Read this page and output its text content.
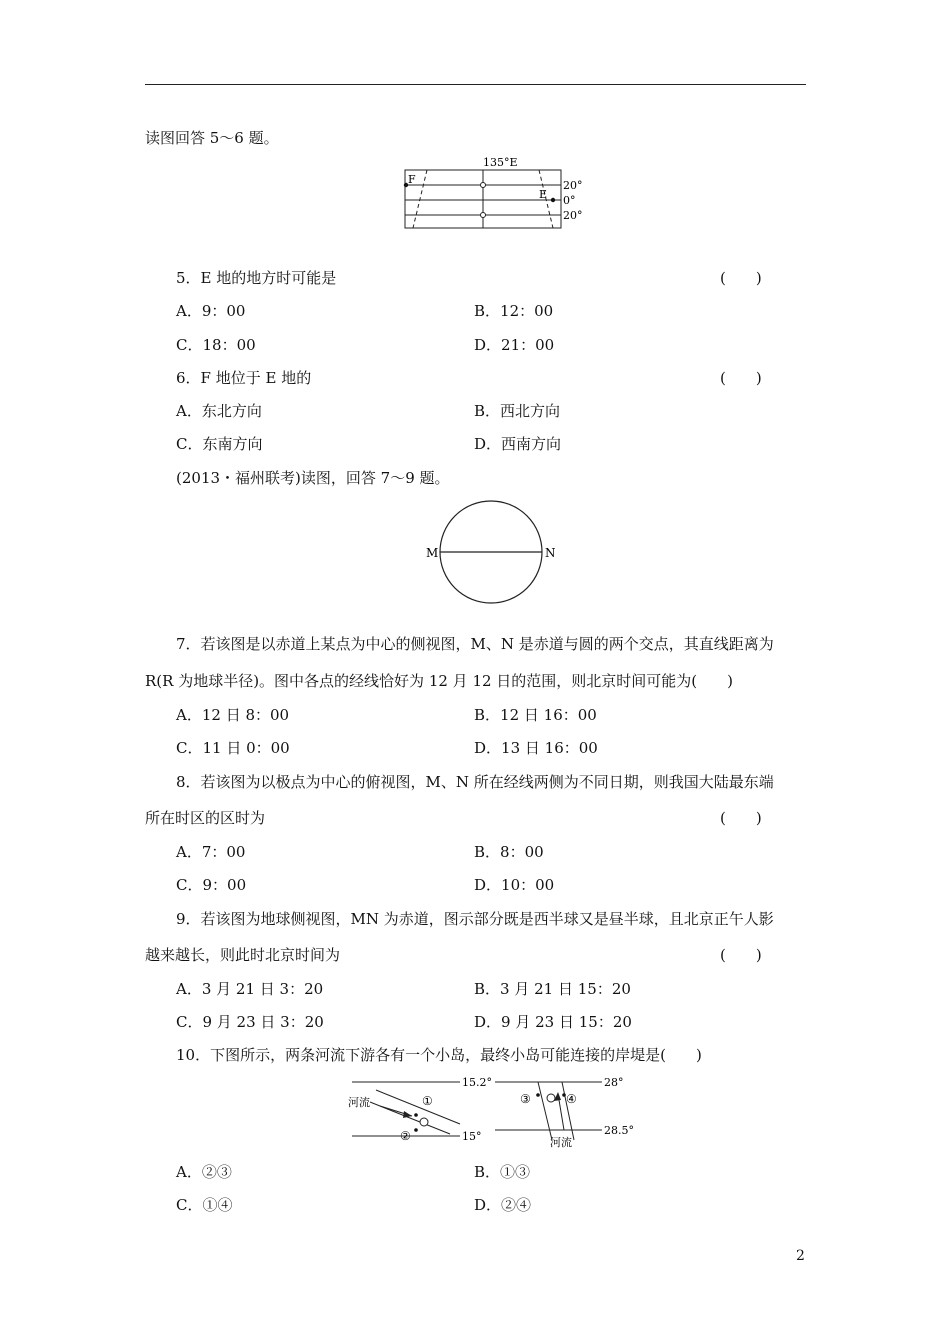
读图回答 5～6 题。
135°E
F
E
20°
0°
20°
5．E 地的地方时可能是	(　　)
A．9：00	B．12：00
C．18：00	D．21：00
6．F 地位于 E 地的	(　　)
A．东北方向	B．西北方向
C．东南方向	D．西南方向
(2013・福州联考)读图，回答 7～9 题。
M	N
7．若该图是以赤道上某点为中心的侧视图，M、N 是赤道与圆的两个交点，其直线距离为
R(R 为地球半径)。图中各点的经线恰好为 12 月 12 日的范围，则北京时间可能为(　　)
A．12 日 8：00	B．12 日 16：00
C．11 日 0：00	D．13 日 16：00
8．若该图为以极点为中心的俯视图，M、N 所在经线两侧为不同日期，则我国大陆最东端
所在时区的区时为	(　　)
A．7：00	B．8：00
C．9：00	D．10：00
9．若该图为地球侧视图，MN 为赤道，图示部分既是西半球又是昼半球，且北京正午人影
越来越长，则此时北京时间为	(　　)
A．3 月 21 日 3：20	B．3 月 21 日 15：20
C．9 月 23 日 3：20	D．9 月 23 日 15：20
10．下图所示，两条河流下游各有一个小岛，最终小岛可能连接的岸堤是(　　)
15.2°
15°
河流	①
②
28°
28.5°
③	④
河流
A．②③	B．①③
C．①④	D．②④
2
